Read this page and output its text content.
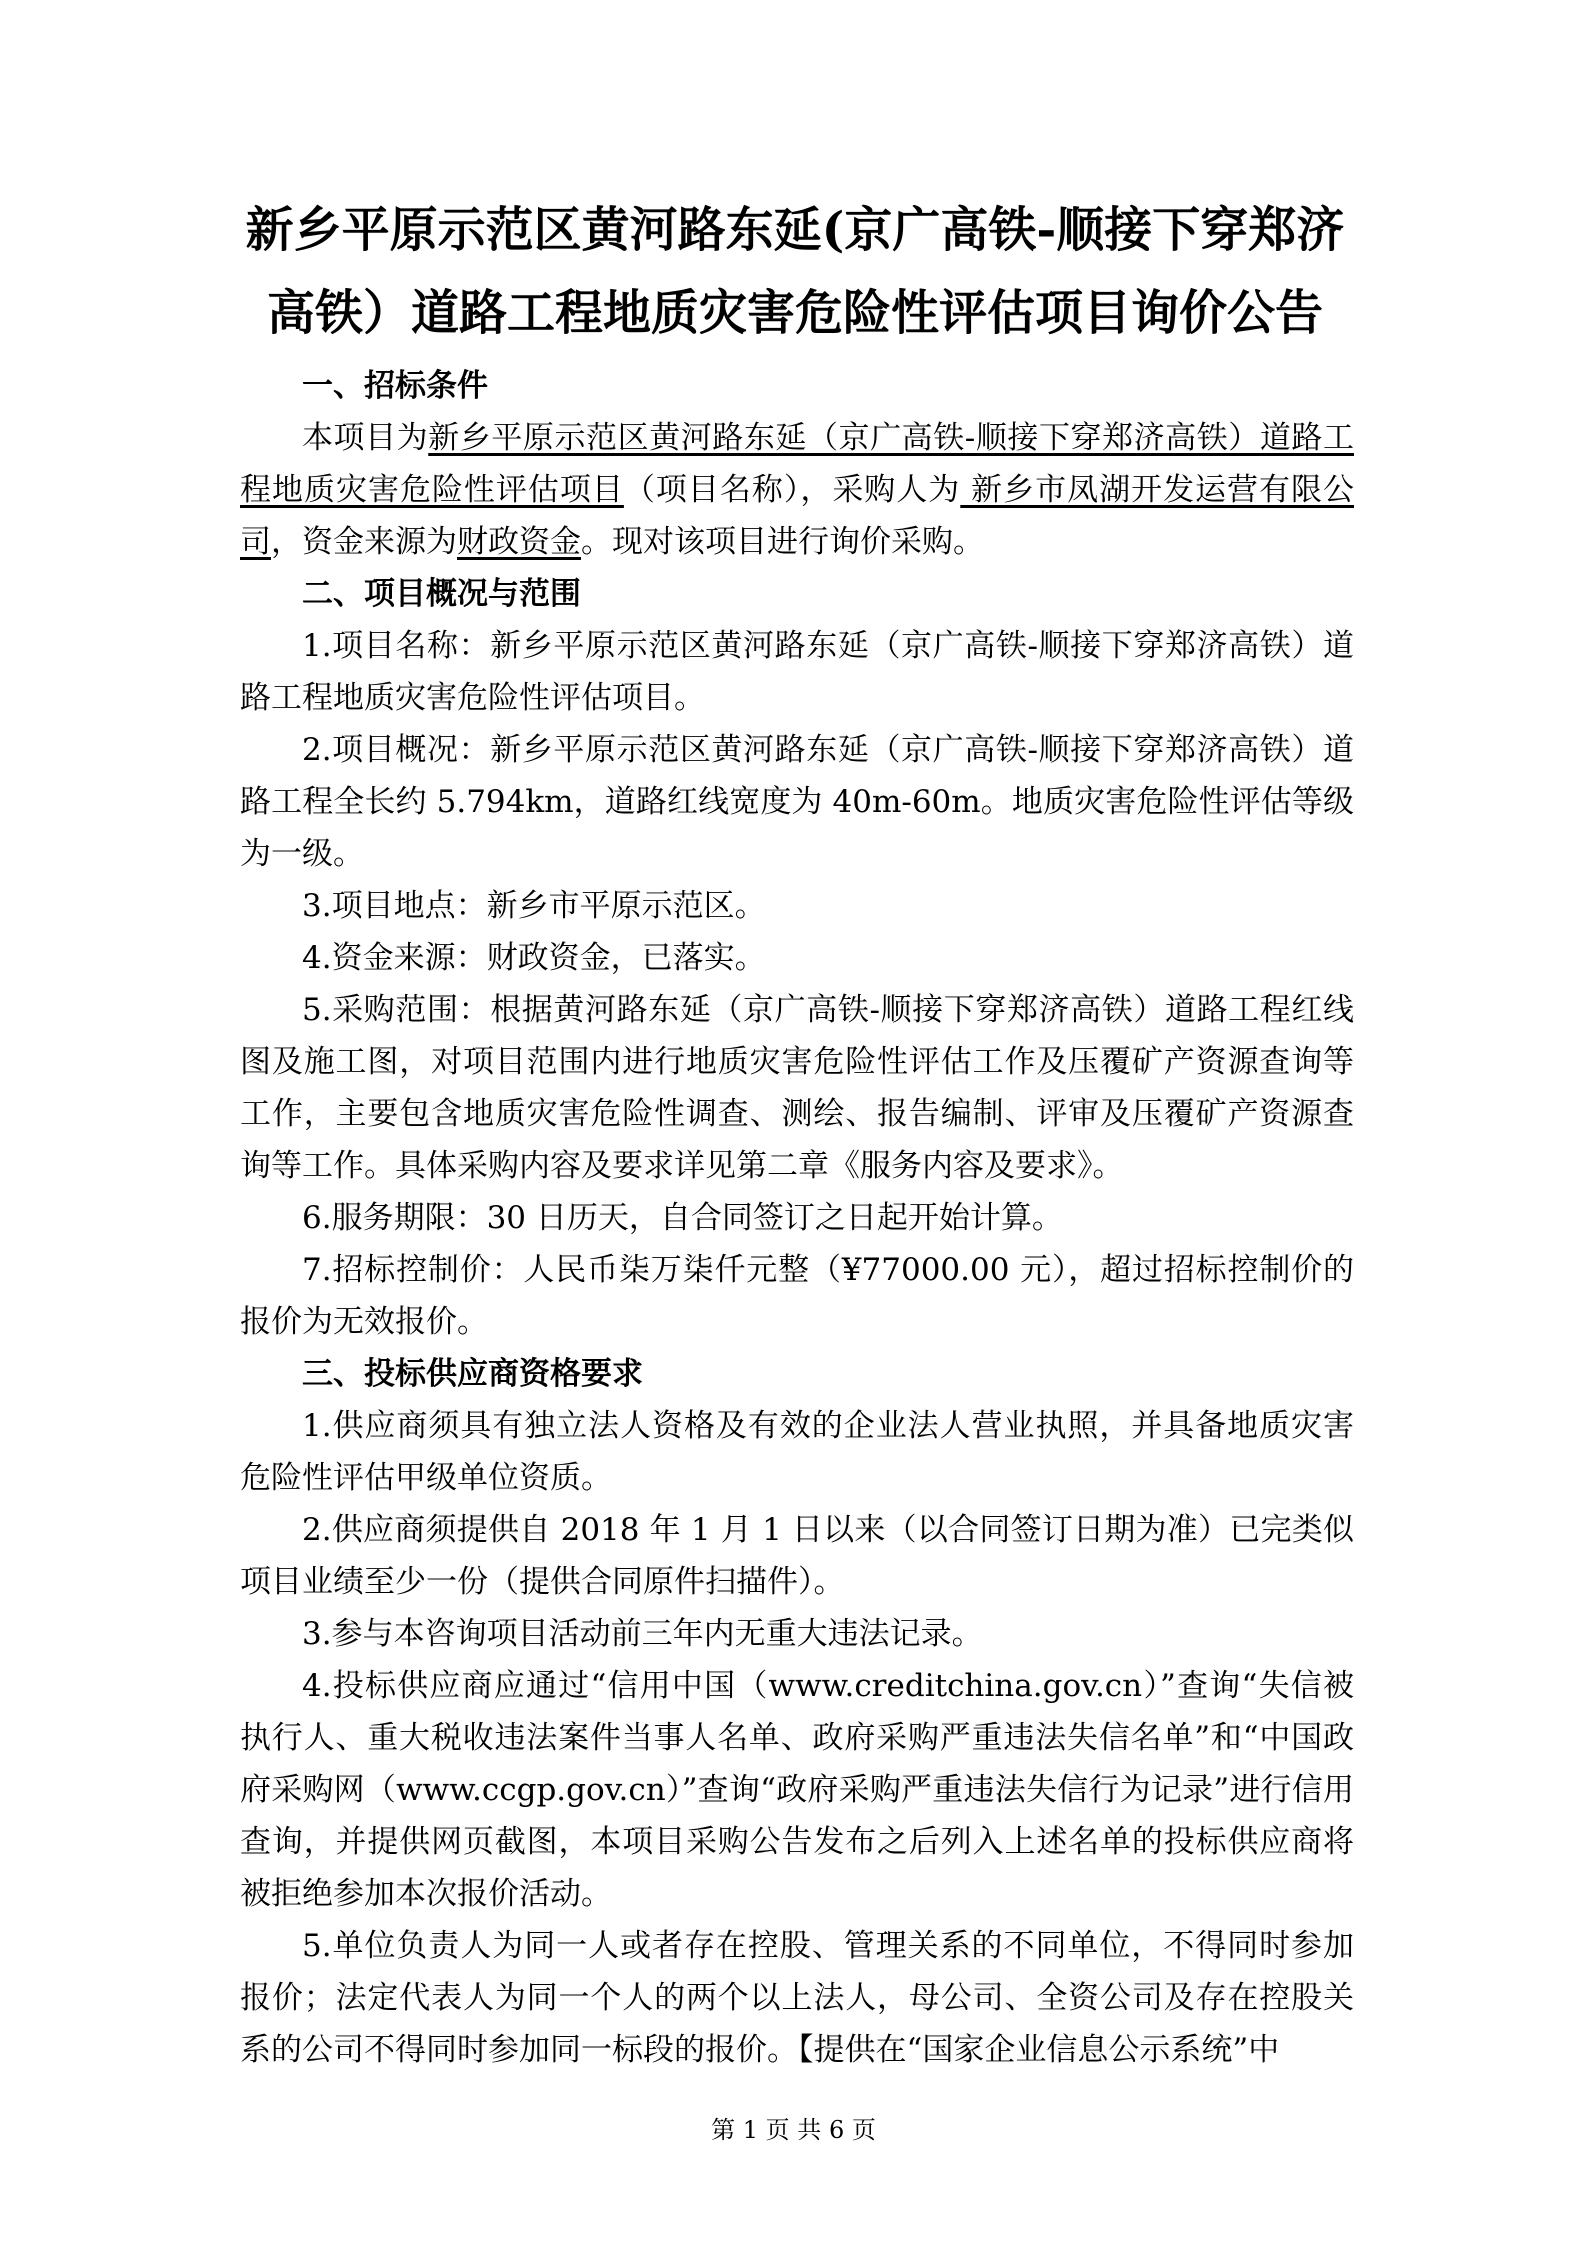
新乡平原示范区黄河路东延(京广高铁-顺接下穿郑济
高铁）道路工程地质灾害危险性评估项目询价公告
一、招标条件

本项目为新乡平原示范区黄河路东延（京广高铁-顺接下穿郑济高铁）道路工程地质灾害危险性评估项目（项目名称），采购人为 新乡市凤湖开发运营有限公司，资金来源为财政资金。现对该项目进行询价采购。

二、项目概况与范围

1.项目名称：新乡平原示范区黄河路东延（京广高铁-顺接下穿郑济高铁）道路工程地质灾害危险性评估项目。

2.项目概况：新乡平原示范区黄河路东延（京广高铁-顺接下穿郑济高铁）道路工程全长约 5.794km，道路红线宽度为 40m-60m。地质灾害危险性评估等级为一级。

3.项目地点：新乡市平原示范区。

4.资金来源：财政资金，已落实。

5.采购范围：根据黄河路东延（京广高铁-顺接下穿郑济高铁）道路工程红线图及施工图，对项目范围内进行地质灾害危险性评估工作及压覆矿产资源查询等工作，主要包含地质灾害危险性调查、测绘、报告编制、评审及压覆矿产资源查询等工作。具体采购内容及要求详见第二章《服务内容及要求》。

6.服务期限：30 日历天，自合同签订之日起开始计算。

7.招标控制价：人民币柒万柒仟元整（¥77000.00 元），超过招标控制价的报价为无效报价。

三、投标供应商资格要求

1.供应商须具有独立法人资格及有效的企业法人营业执照，并具备地质灾害危险性评估甲级单位资质。

2.供应商须提供自 2018 年 1 月 1 日以来（以合同签订日期为准）已完类似项目业绩至少一份（提供合同原件扫描件）。

3.参与本咨询项目活动前三年内无重大违法记录。

4.投标供应商应通过“信用中国（www.creditchina.gov.cn）”查询“失信被执行人、重大税收违法案件当事人名单、政府采购严重违法失信名单”和“中国政府采购网（www.ccgp.gov.cn）”查询“政府采购严重违法失信行为记录”进行信用查询，并提供网页截图，本项目采购公告发布之后列入上述名单的投标供应商将被拒绝参加本次报价活动。

5.单位负责人为同一人或者存在控股、管理关系的不同单位，不得同时参加报价；法定代表人为同一个人的两个以上法人，母公司、全资公司及存在控股关系的公司不得同时参加同一标段的报价。【提供在“国家企业信息公示系统”中

第 1 页 共 6 页
